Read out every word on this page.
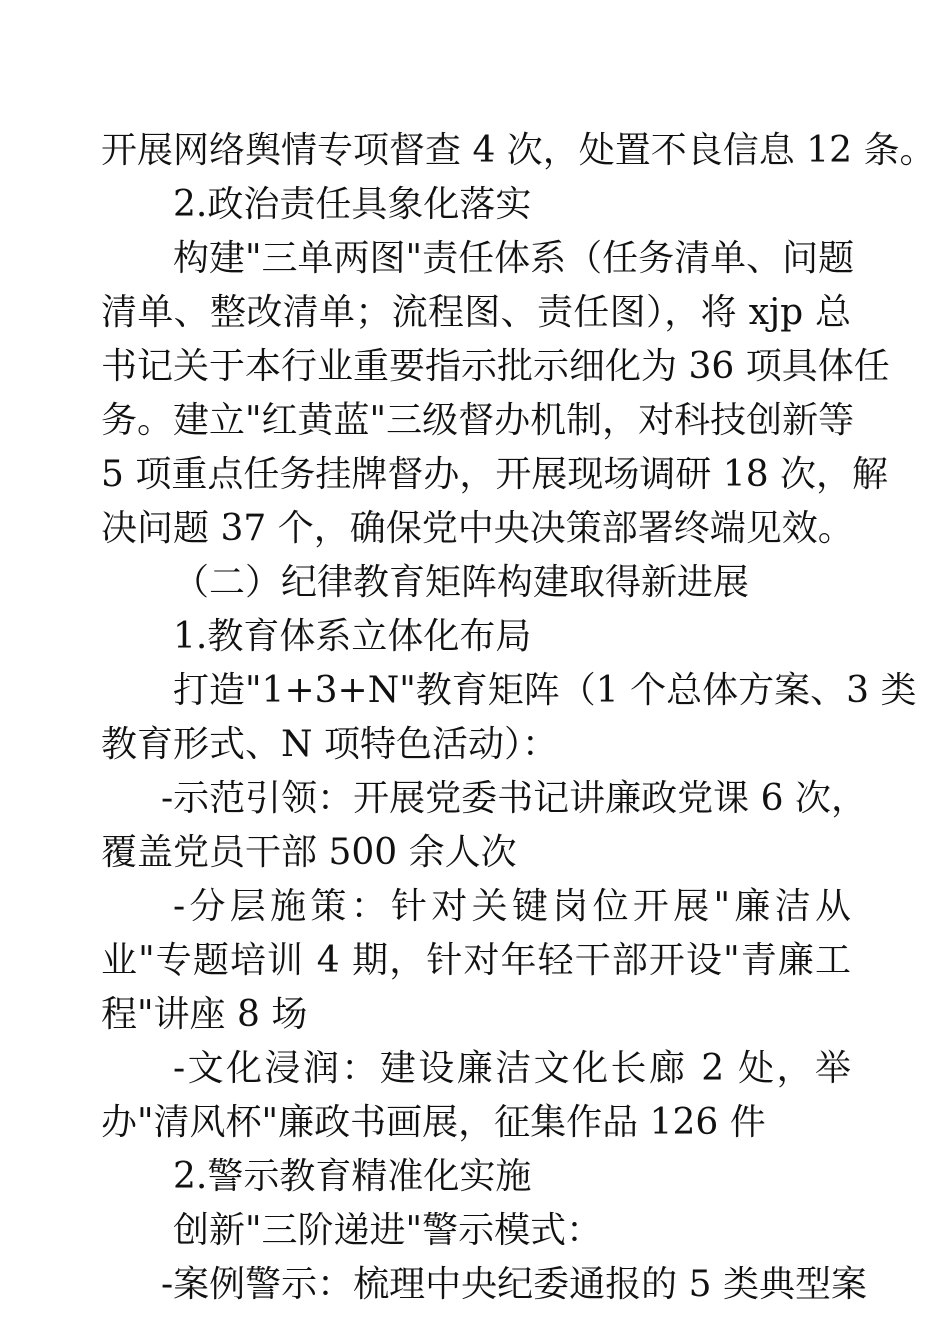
开展网络舆情专项督查 4 次，处置不良信息 12 条。
2.政治责任具象化落实
构建"三单两图"责任体系（任务清单、问题
清单、整改清单；流程图、责任图），将 xjp 总
书记关于本行业重要指示批示细化为 36 项具体任
务。建立"红黄蓝"三级督办机制，对科技创新等
5 项重点任务挂牌督办，开展现场调研 18 次，解
决问题 37 个，确保党中央决策部署终端见效。
（二）纪律教育矩阵构建取得新进展
1.教育体系立体化布局
打造"1+3+N"教育矩阵（1 个总体方案、3 类
教育形式、N 项特色活动）：
-示范引领：开展党委书记讲廉政党课 6 次，
覆盖党员干部 500 余人次
-分层施策：针对关键岗位开展"廉洁从
业"专题培训 4 期，针对年轻干部开设"青廉工
程"讲座 8 场
-文化浸润：建设廉洁文化长廊 2 处，举
办"清风杯"廉政书画展，征集作品 126 件
2.警示教育精准化实施
创新"三阶递进"警示模式：
-案例警示：梳理中央纪委通报的 5 类典型案
